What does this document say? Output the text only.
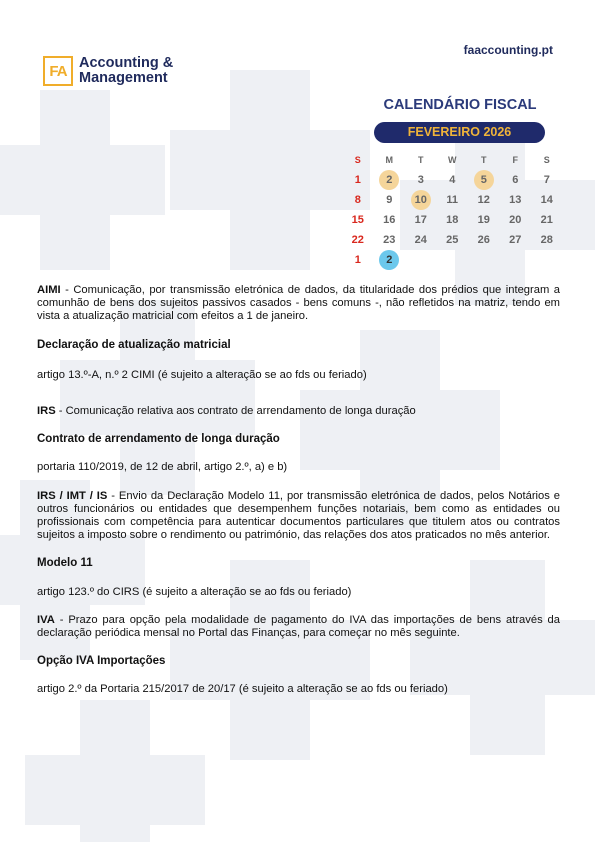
FA Accounting &
Management
faaccounting.pt
CALENDÁRIO FISCAL
FEVEREIRO 2026
S	M	T	W	T	F	S
1	2	3	4	5	6	7
8	9	10	11	12	13	14
15	16	17	18	19	20	21
22	23	24	25	26	27	28
1	2

AIMI - Comunicação, por transmissão eletrónica de dados, da titularidade dos prédios que integram a comunhão de bens dos sujeitos passivos casados - bens comuns -, não refletidos na matriz, tendo em vista a atualização matricial com efeitos a 1 de janeiro.

Declaração de atualização matricial

artigo 13.º-A, n.º 2 CIMI (é sujeito a alteração se ao fds ou feriado)

IRS - Comunicação relativa aos contrato de arrendamento de longa duração

Contrato de arrendamento de longa duração

portaria 110/2019, de 12 de abril, artigo 2.º, a) e b)

IRS / IMT / IS - Envio da Declaração Modelo 11, por transmissão eletrónica de dados, pelos Notários e outros funcionários ou entidades que desempenhem funções notariais, bem como as entidades ou profissionais com competência para autenticar documentos particulares que titulem atos ou contratos sujeitos a imposto sobre o rendimento ou património, das relações dos atos praticados no mês anterior.

Modelo 11

artigo 123.º do CIRS (é sujeito a alteração se ao fds ou feriado)

IVA - Prazo para opção pela modalidade de pagamento do IVA das importações de bens através da declaração periódica mensal no Portal das Finanças, para começar no mês seguinte.

Opção IVA Importações

artigo 2.º da Portaria 215/2017 de 20/17 (é sujeito a alteração se ao fds ou feriado)
